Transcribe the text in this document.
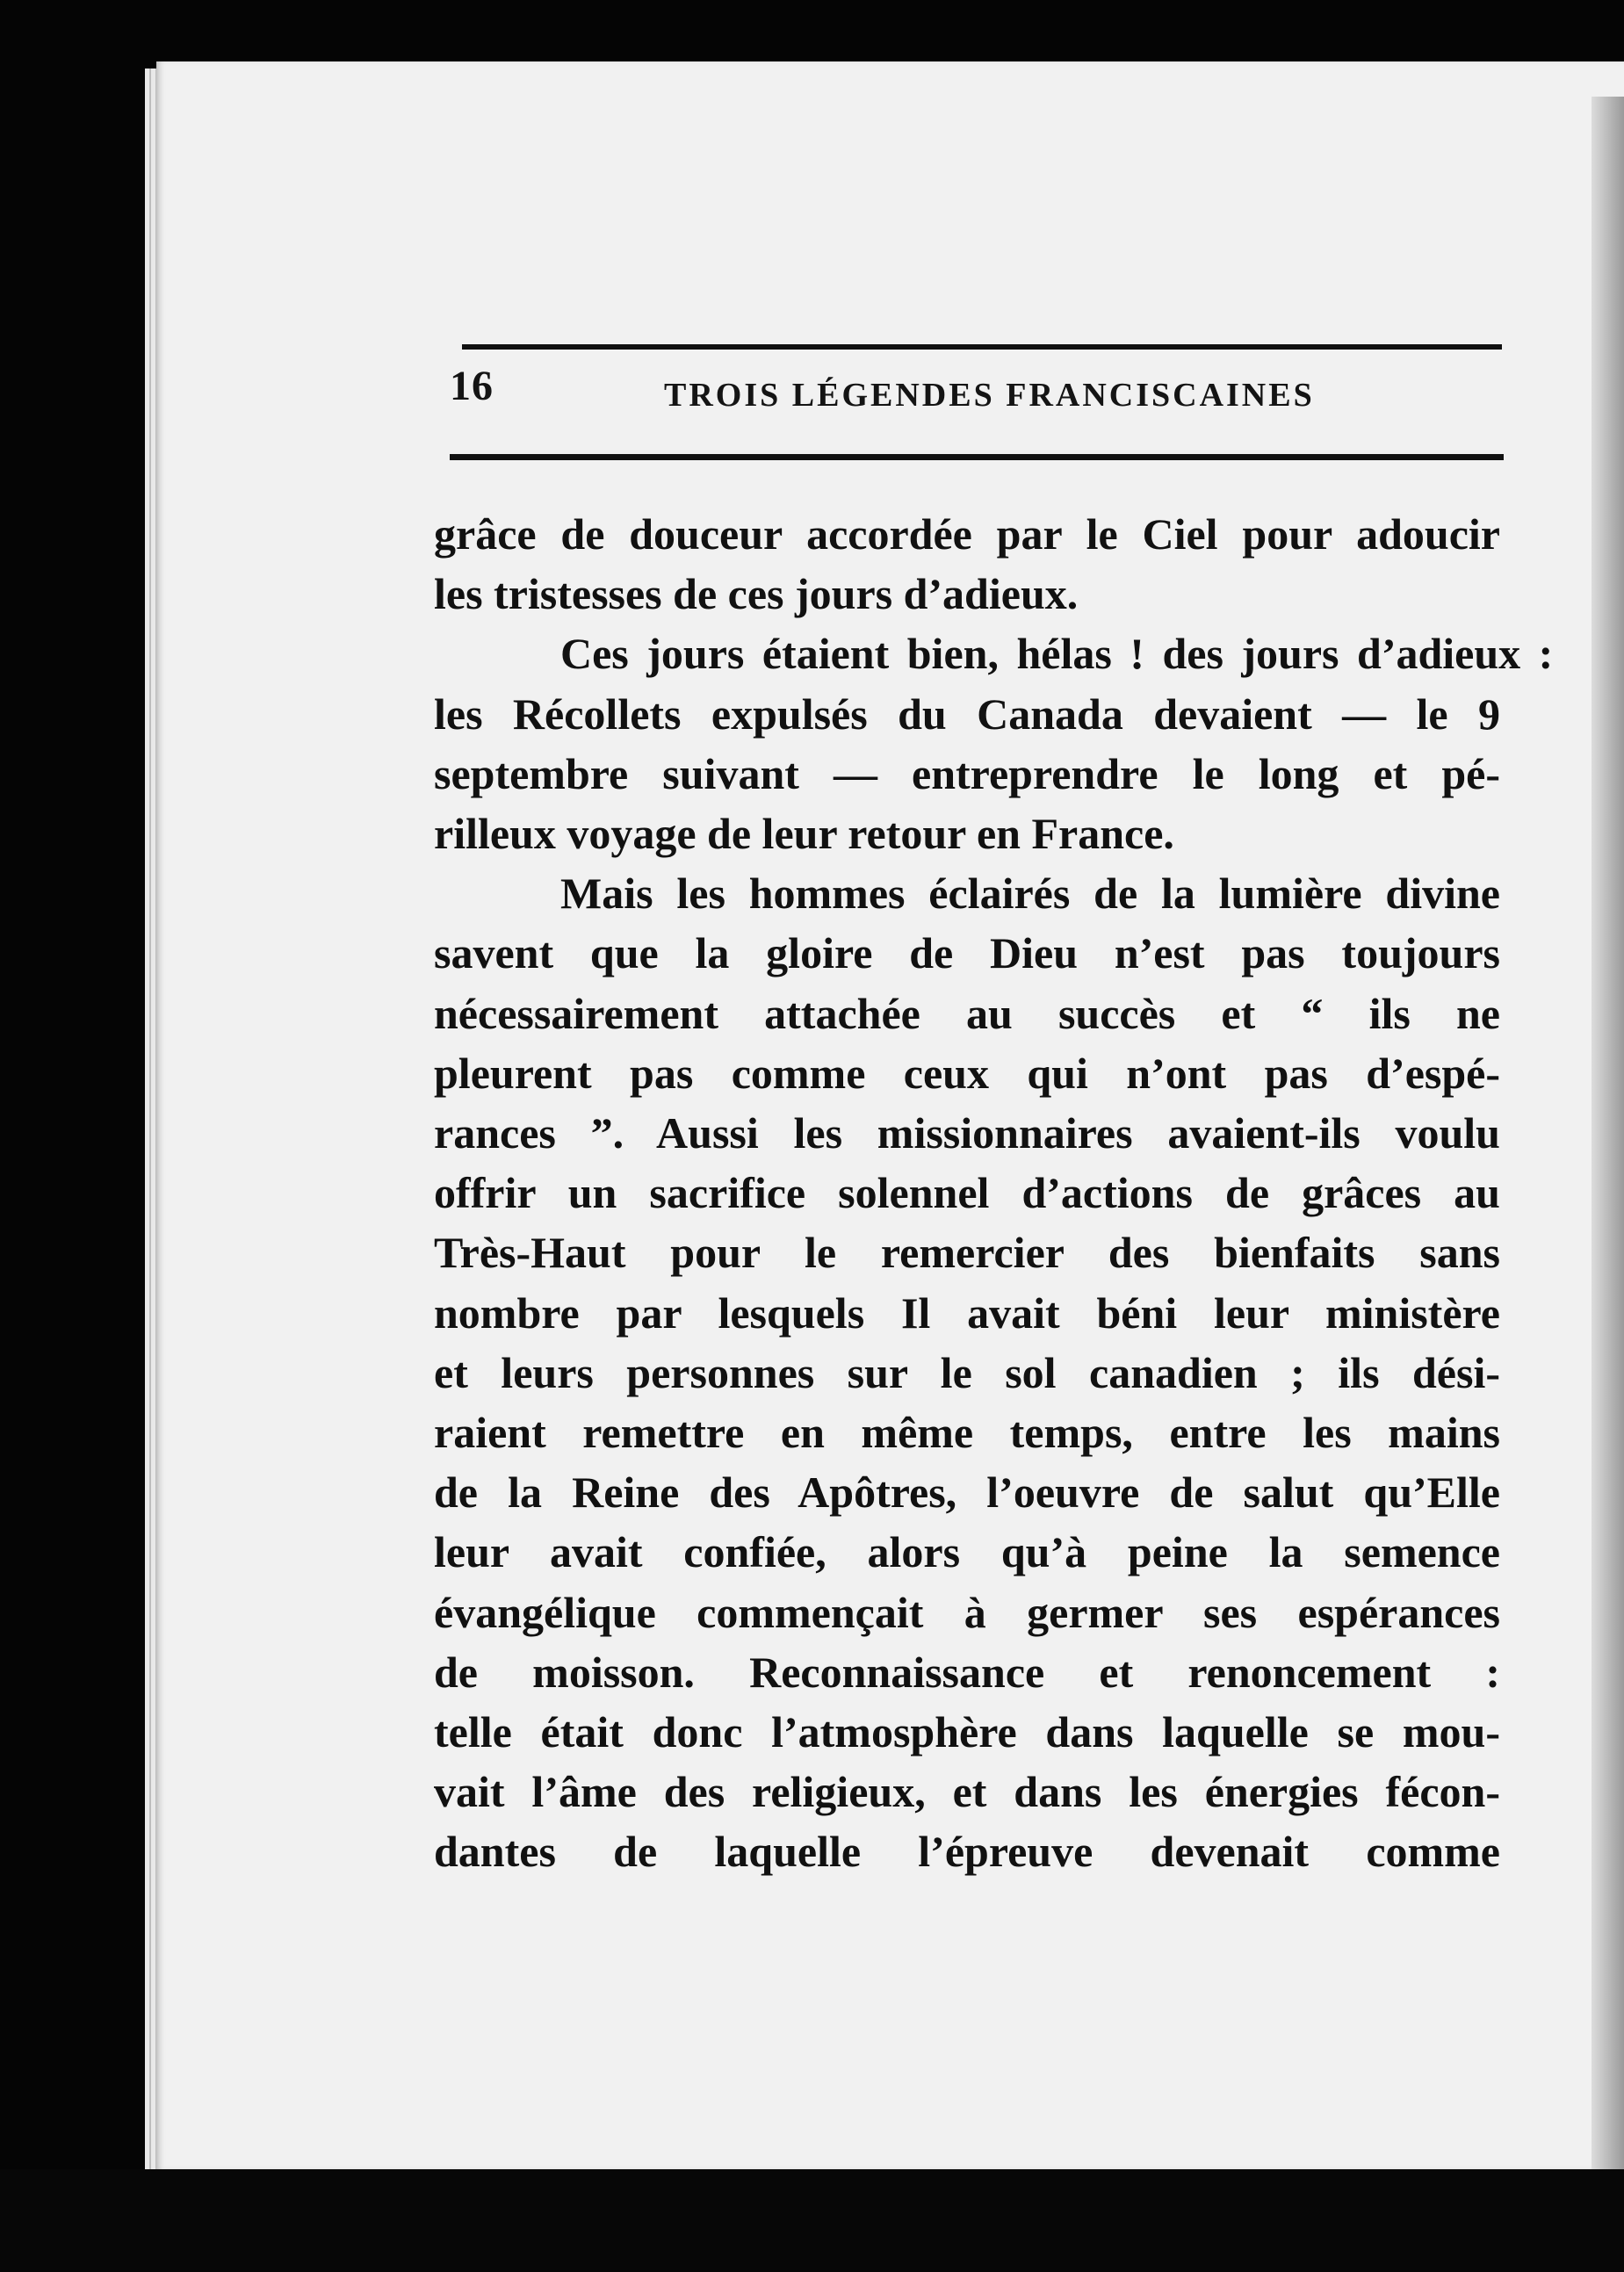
16	TROIS LÉGENDES FRANCISCAINES
grâce de douceur accordée par le Ciel pour adoucir
les tristesses de ces jours d’adieux.
Ces jours étaient bien, hélas ! des jours d’adieux :
les Récollets expulsés du Canada devaient — le 9
septembre suivant — entreprendre le long et pé-
rilleux voyage de leur retour en France.
Mais les hommes éclairés de la lumière divine
savent que la gloire de Dieu n’est pas toujours
nécessairement attachée au succès et “ ils ne
pleurent pas comme ceux qui n’ont pas d’espé-
rances ”. Aussi les missionnaires avaient-ils voulu
offrir un sacrifice solennel d’actions de grâces au
Très-Haut pour le remercier des bienfaits sans
nombre par lesquels Il avait béni leur ministère
et leurs personnes sur le sol canadien ; ils dési-
raient remettre en même temps, entre les mains
de la Reine des Apôtres, l’oeuvre de salut qu’Elle
leur avait confiée, alors qu’à peine la semence
évangélique commençait à germer ses espérances
de moisson. Reconnaissance et renoncement :
telle était donc l’atmosphère dans laquelle se mou-
vait l’âme des religieux, et dans les énergies fécon-
dantes de laquelle l’épreuve devenait comme
